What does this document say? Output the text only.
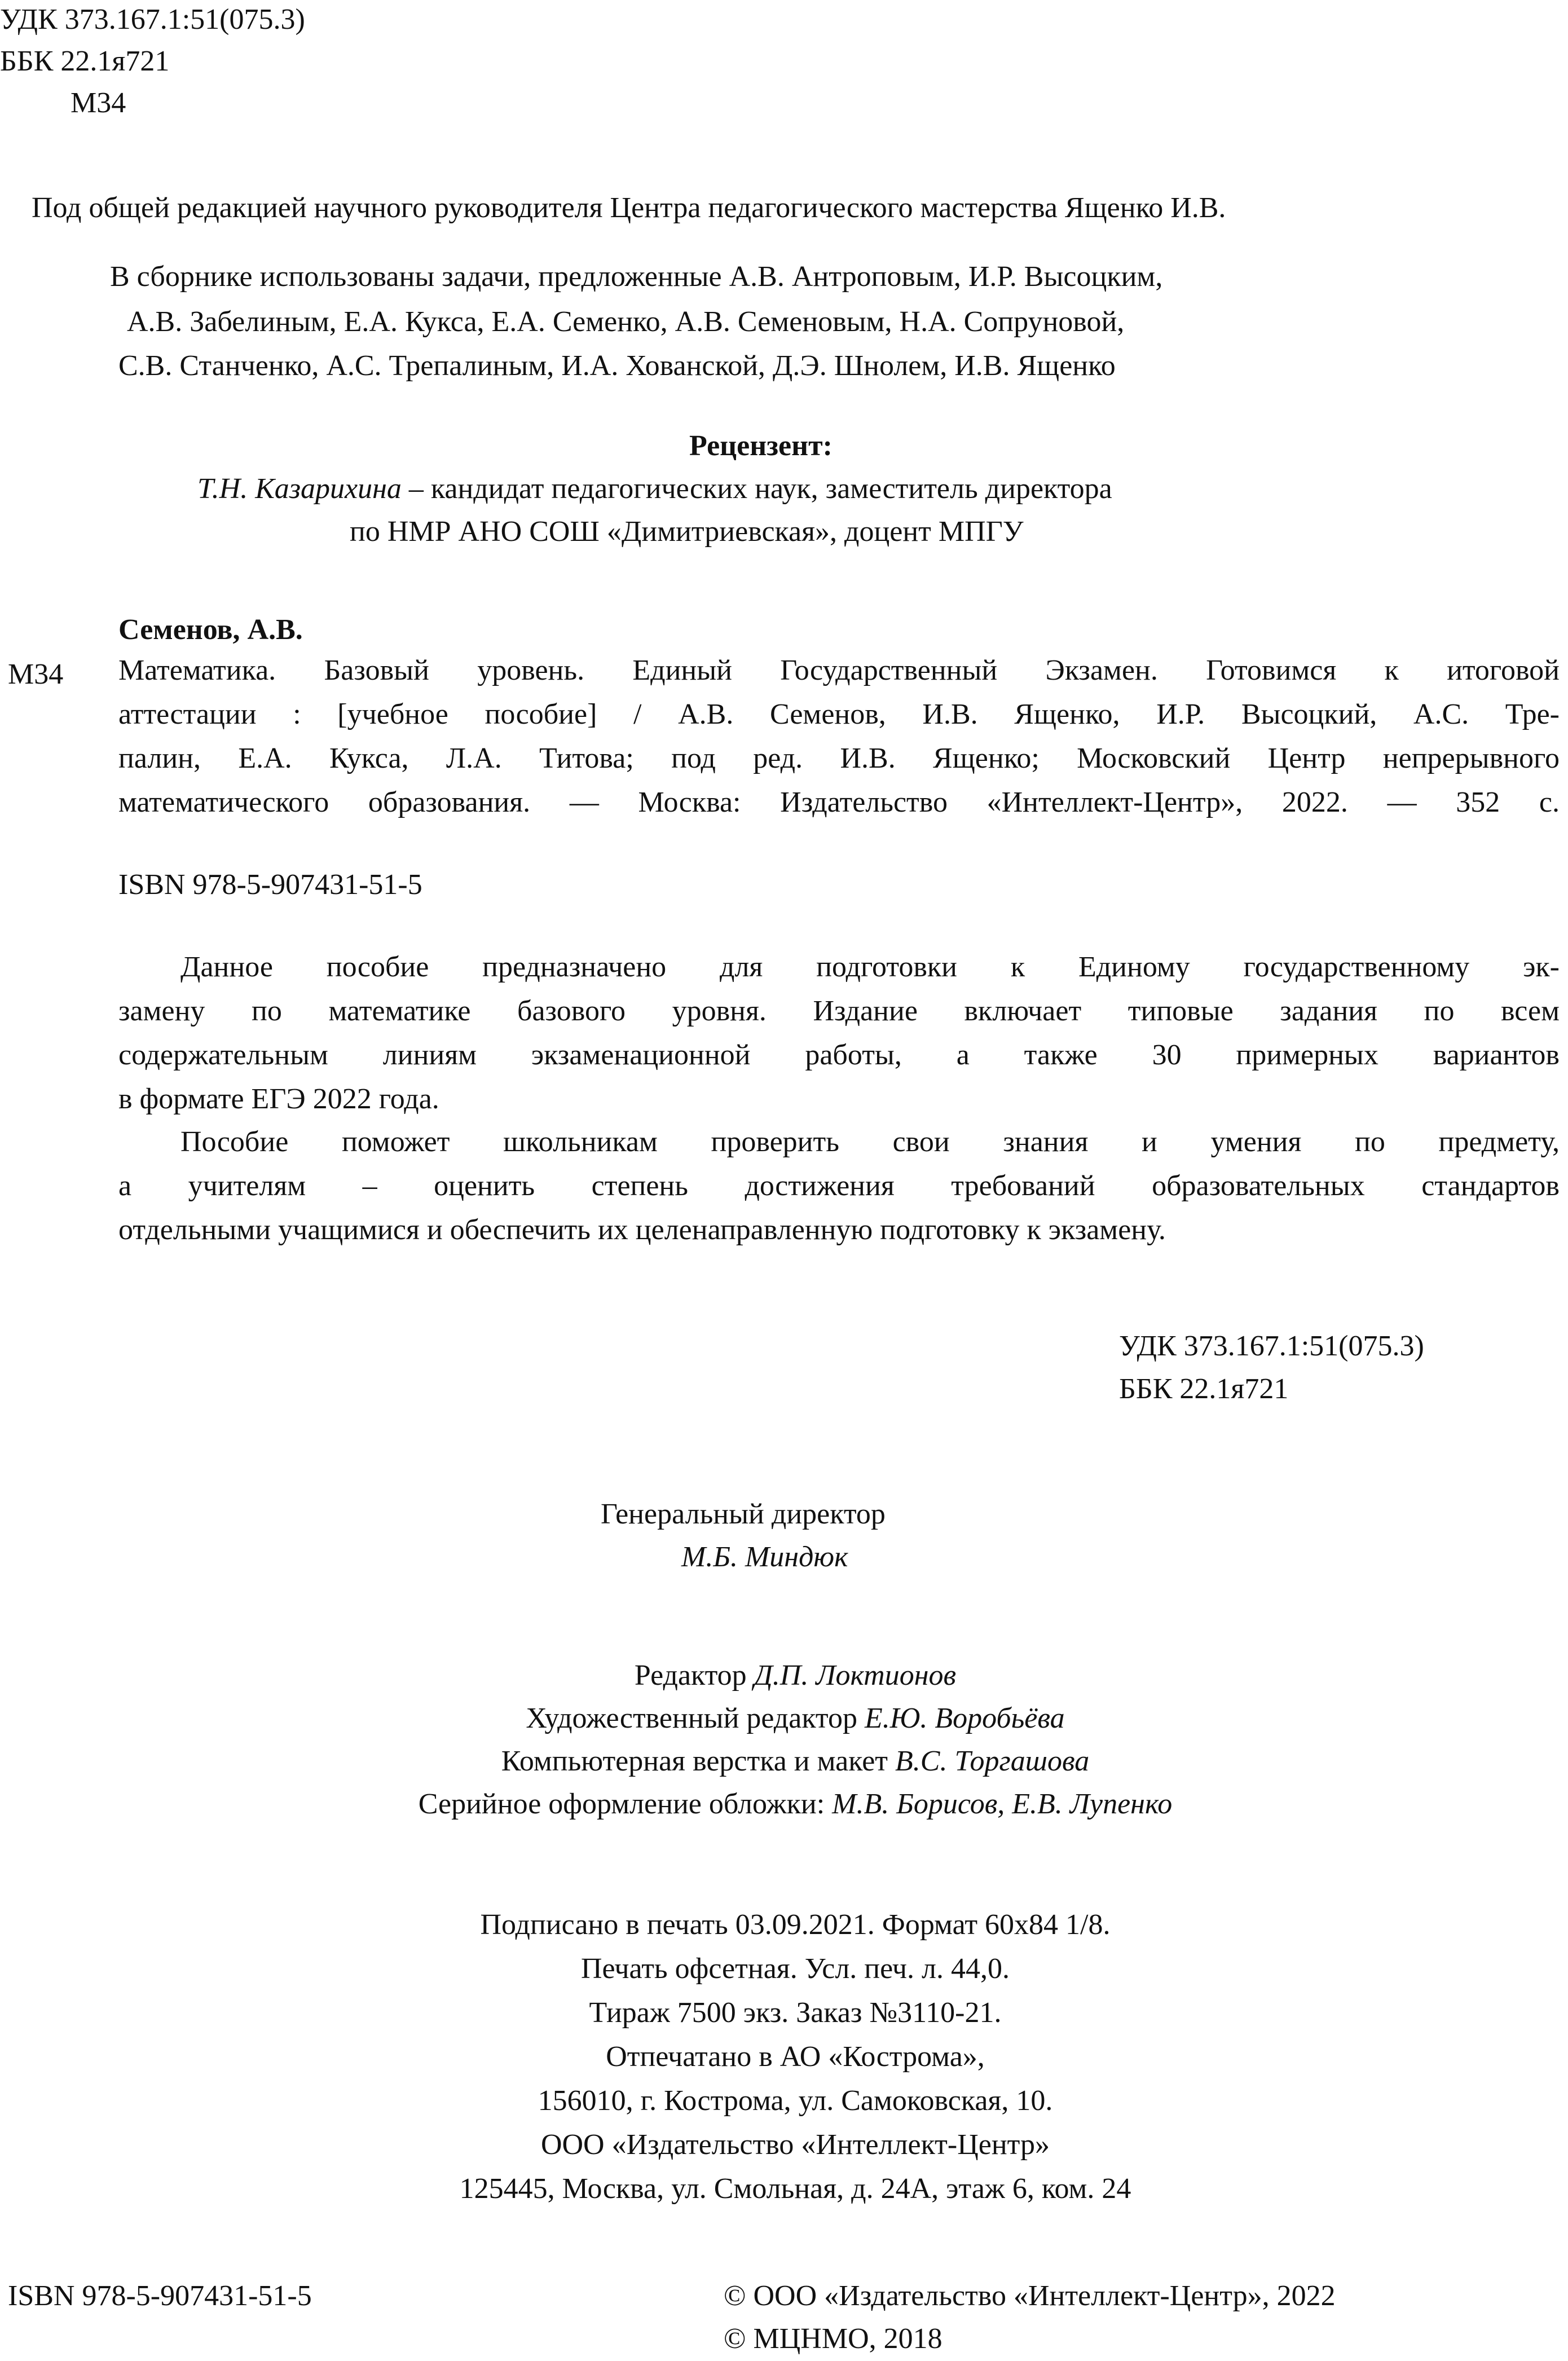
УДК 373.167.1:51(075.3)
ББК 22.1я721
М34
Под общей редакцией научного руководителя Центра педагогического мастерства Ященко И.В.
В сборнике использованы задачи, предложенные А.В. Антроповым, И.Р. Высоцким,
А.В. Забелиным, Е.А. Кукса, Е.А. Семенко, А.В. Семеновым, Н.А. Сопруновой,
С.В. Станченко, А.С. Трепалиным, И.А. Хованской, Д.Э. Шнолем, И.В. Ященко
Рецензент:
Т.Н. Казарихина – кандидат педагогических наук, заместитель директора
по НМР АНО СОШ «Димитриевская», доцент МПГУ
Семенов, А.В.
М34 Математика. Базовый уровень. Единый Государственный Экзамен. Готовимся к итоговой
аттестации : [учебное пособие] / А.В. Семенов, И.В. Ященко, И.Р. Высоцкий, А.С. Тре-
палин, Е.А. Кукса, Л.А. Титова; под ред. И.В. Ященко; Московский Центр непрерывного
математического образования. — Москва: Издательство «Интеллект-Центр», 2022. — 352 с.
ISBN 978-5-907431-51-5
Данное пособие предназначено для подготовки к Единому государственному эк-
замену по математике базового уровня. Издание включает типовые задания по всем
содержательным линиям экзаменационной работы, а также 30 примерных вариантов
в формате ЕГЭ 2022 года.
Пособие поможет школьникам проверить свои знания и умения по предмету,
а учителям – оценить степень достижения требований образовательных стандартов
отдельными учащимися и обеспечить их целенаправленную подготовку к экзамену.
УДК 373.167.1:51(075.3)
ББК 22.1я721
Генеральный директор
М.Б. Миндюк
Редактор Д.П. Локтионов
Художественный редактор Е.Ю. Воробьёва
Компьютерная верстка и макет В.С. Торгашова
Серийное оформление обложки: М.В. Борисов, Е.В. Лупенко
Подписано в печать 03.09.2021. Формат 60х84 1/8.
Печать офсетная. Усл. печ. л. 44,0.
Тираж 7500 экз. Заказ №3110-21.
Отпечатано в АО «Кострома»,
156010, г. Кострома, ул. Самоковская, 10.
ООО «Издательство «Интеллект-Центр»
125445, Москва, ул. Смольная, д. 24А, этаж 6, ком. 24
ISBN 978-5-907431-51-5	© ООО «Издательство «Интеллект-Центр», 2022
© МЦНМО, 2018
